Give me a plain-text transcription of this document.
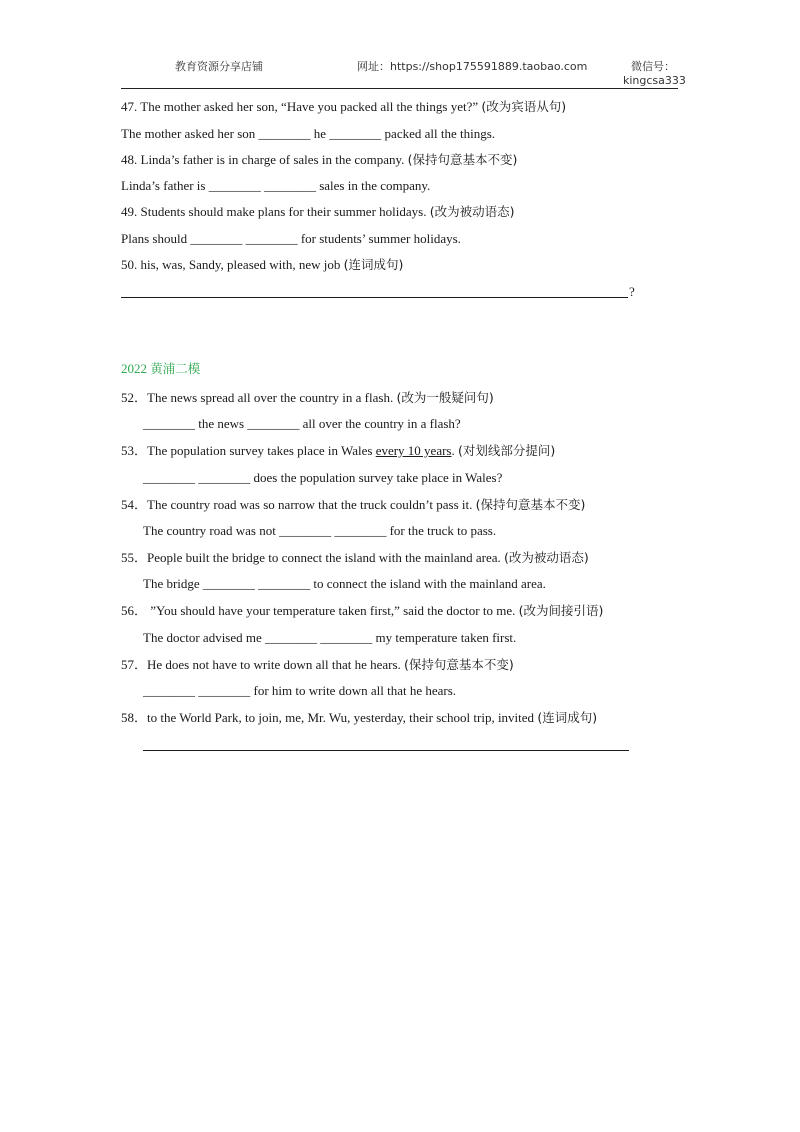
教育资源分享店铺	网址：https://shop175591889.taobao.com	微信号：
kingcsa333
47. The mother asked her son, “Have you packed all the things yet?” (改为宾语从句)
The mother asked her son ________ he ________ packed all the things.
48. Linda’s father is in charge of sales in the company. (保持句意基本不变)
Linda’s father is ________ ________ sales in the company.
49. Students should make plans for their summer holidays. (改为被动语态)
Plans should ________ ________ for students’ summer holidays.
50. his, was, Sandy, pleased with, new job (连词成句)
?
2022 黄浦二模
52．The news spread all over the country in a flash. (改为一般疑问句)
________ the news ________ all over the country in a flash?
53．The population survey takes place in Wales every 10 years. (对划线部分提问)
________ ________ does the population survey take place in Wales?
54．The country road was so narrow that the truck couldn’t pass it. (保持句意基本不变)
The country road was not ________ ________ for the truck to pass.
55．People built the bridge to connect the island with the mainland area. (改为被动语态)
The bridge ________ ________ to connect the island with the mainland area.
56． ”You should have your temperature taken first,” said the doctor to me. (改为间接引语)
The doctor advised me ________ ________ my temperature taken first.
57．He does not have to write down all that he hears. (保持句意基本不变)
________ ________ for him to write down all that he hears.
58．to the World Park, to join, me, Mr. Wu, yesterday, their school trip, invited (连词成句)
